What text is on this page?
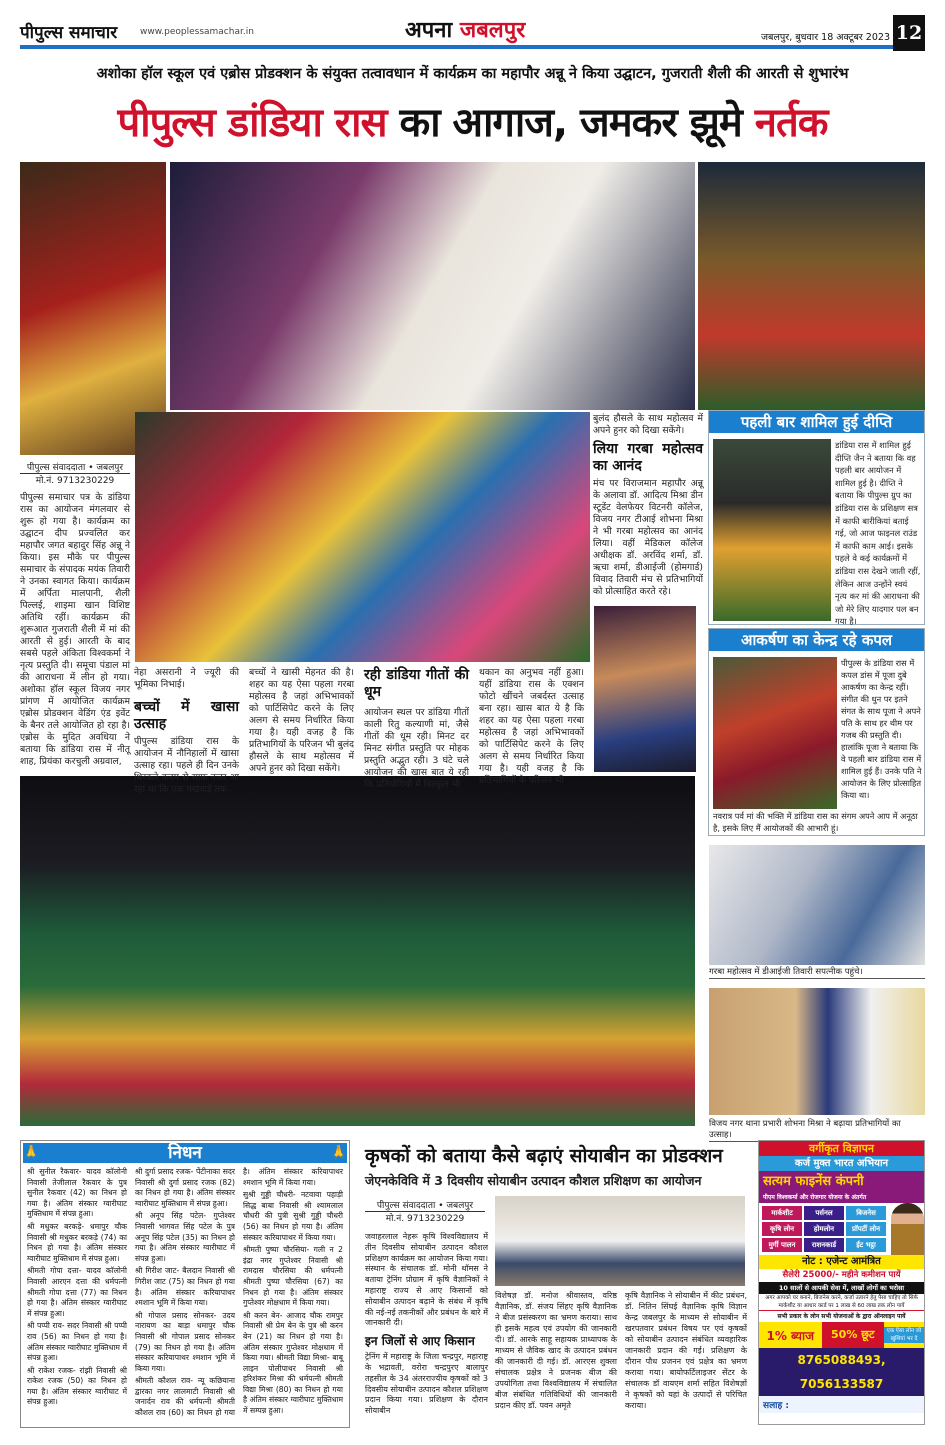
पीपुल्स समाचार	www.peoplessamachar.in	अपना जबलपुर	जबलपुर, बुधवार 18 अक्टूबर 2023 12
अशोका हॉल स्कूल एवं एब्रोस प्रोडक्शन के संयुक्त तत्वावधान में कार्यक्रम का महापौर अन्नू ने किया उद्घाटन, गुजराती शैली की आरती से शुभारंभ
पीपुल्स डांडिया रास का आगाज, जमकर झूमे नर्तक
पीपुल्स संवाददाता • जबलपुर
मो.नं. 9713230229
पीपुल्स समाचार पत्र के डांडिया रास का आयोजन मंगलवार से शुरू हो गया है। कार्यक्रम का उद्घाटन दीप प्रज्वलित कर महापौर जगत बहादुर सिंह अन्नू ने किया। इस मौके पर पीपुल्स समाचार के संपादक मयंक तिवारी ने उनका स्वागत किया। कार्यक्रम में अर्पिता मालपानी, शैली पिल्लई, शाइमा खान विशिष्ट अतिथि रहीं। कार्यक्रम की शुरूआत गुजराती शैली में मां की आरती से हुई। आरती के बाद सबसे पहले अंकिता विश्वकर्मा ने नृत्य प्रस्तुति दी। समूचा पंडाल मां की आराधना में लीन हो गया। अशोका हॉल स्कूल विजय नगर प्रांगण में आयोजित कार्यक्रम एब्रोस प्रोडक्शन वेडिंग एंड इवेंट के बैनर तले आयोजित हो रहा है। एब्रोस के मुदित अवधिया ने बताया कि डांडिया रास में नीतू शाह, प्रियंका करचुली अग्रवाल,
नेहा असरानी ने ज्यूरी की भूमिका निभाई।
बच्चों में खासा उत्साह
पीपुल्स डांडिया रास के आयोजन में नौनिहालों में खासा उत्साह रहा। पहले ही दिन उनके थिरकते कदम से साफ नजर आ रहा था कि एक पखवाड़े तक
बच्चों ने खासी मेहनत की है। शहर का यह ऐसा पहला गरबा महोत्सव है जहां अभिभावकों को पार्टिसिपेट करने के लिए अलग से समय निर्धारित किया गया है। यही वजह है कि प्रतिभागियों के परिजन भी बुलंद हौसले के साथ महोत्सव में अपने हुनर को दिखा सकेंगे।
रही डांडिया गीतों की धूम
आयोजन स्थल पर डांडिया गीतों काली रितु कल्याणी मां, जैसे गीतों की धूम रही। मिनट दर मिनट संगीत प्रस्तुति पर मोहक प्रस्तुति अद्भुत रही। 3 घंटे चले आयोजन की खास बात ये रही कि प्रतियोगियों में बिल्कुल भी
थकान का अनुभव नहीं हुआ। यहीं डांडिया रास के एक्शन फोटो खींचने जबर्दस्त उत्साह बना रहा। खास बात ये है कि शहर का यह ऐसा पहला गरबा महोत्सव है जहां अभिभावकों को पार्टिसिपेट करने के लिए अलग से समय निर्धारित किया गया है। यही वजह है कि प्रतिभागियों के परिजन भी
बुलंद हौसले के साथ महोत्सव में अपने हुनर को दिखा सकेंगे।
लिया गरबा महोत्सव का आनंद
मंच पर विराजमान महापौर अन्नू के अलावा डॉ. आदित्य मिश्रा डीन स्टूडेंट वेलफेयर विटनरी कॉलेज, विजय नगर टीआई शोभना मिश्रा ने भी गरबा महोत्सव का आनंद लिया। वहीं मेडिकल कॉलेज अधीक्षक डॉ. अरविंद शर्मा, डॉ. ऋचा शर्मा, डीआईजी (होमगार्ड) विवाद तिवारी मंच से प्रतिभागियों को प्रोत्साहित करते रहे।
पहली बार शामिल हुई दीप्ति
डांडिया रास में शामिल हुई दीप्ति जैन ने बताया कि वह पहली बार आयोजन में शामिल हुई है। दीप्ति ने बताया कि पीपुल्स ग्रुप का डांडिया रास के प्रशिक्षण सत्र में काफी बारीकियां बताई गई, जो आज फाइनल राउंड में काफी काम आई। इसके पहले वे कई कार्यक्रमों में डांडिया रास देखने जाती रहीं, लेकिन आज उन्होंने स्वयं नृत्य कर मां की आराधना की जो मेरे लिए यादगार पल बन गया है।
आकर्षण का केन्द्र रहे कपल
पीपुल्स के डांडिया रास में कपल डांस में पूजा दुबे आकर्षण का केन्द्र रहीं। संगीत की धुन पर इतने संगत के साथ पूजा ने अपने पति के साथ हर थीम पर गजब की प्रस्तुति दी। हालांकि पूजा ने बताया कि वे पहली बार डांडिया रास में शामिल हुई हैं। उनके पति ने आयोजन के लिए प्रोत्साहित किया था।
नवरात्र पर्व मां की भक्ति में डांडिया रास का संगम अपने आप में अनूठा है, इसके लिए मैं आयोजकों की आभारी हूं।
गरबा महोत्सव में डीआईजी तिवारी सपत्नीक पहुंचे।
विजय नगर थाना प्रभारी शोभना मिश्रा ने बढ़ाया प्रतिभागियों का उत्साह।
🙏	निधन	🙏

श्री सुनील रैकवार- यादव कॉलोनी निवासी तेजीलाल रैकवार के पुत्र सुनील रैकवार (42) का निधन हो गया है। अंतिम संस्कार ग्वारीघाट मुक्तिधाम में संपन्न हुआ।

श्री मधुकर बरकड़े- धमापुर चौक निवासी श्री मधुकर बरकड़े (74) का निधन हो गया है। अंतिम संस्कार ग्वारीघाट मुक्तिधाम में संपन्न हुआ।

श्रीमती गोपा दत्ता- यादव कॉलोनी निवासी आरएन दत्ता की धर्मपत्नी श्रीमती गोपा दत्ता (77) का निधन हो गया है। अंतिम संस्कार ग्वारीघाट में संपन्न हुआ।

श्री पप्पी राव- सदर निवासी श्री पप्पी राव (56) का निधन हो गया है। अंतिम संस्कार ग्वारीघाट मुक्तिधाम में संपन्न हुआ।

श्री राकेश रजक- रांझी निवासी श्री राकेश रजक (50) का निधन हो गया है। अंतिम संस्कार ग्वारीघाट में संपन्न हुआ।

श्री दुर्गा प्रसाद रजक- पेंटीनाका सदर निवासी श्री दुर्गा प्रसाद रजक (82) का निधन हो गया है। अंतिम संस्कार ग्वारीघाट मुक्तिधाम में संपन्न हुआ।

श्री अनूप सिंह पटेल- गुप्तेश्वर निवासी भागवत सिंह पटेल के पुत्र अनूप सिंह पटेल (35) का निधन हो गया है। अंतिम संस्कार ग्वारीघाट में संपन्न हुआ।

श्री गिरीश जाट- बैलदान निवासी श्री गिरीश जाट (75) का निधन हो गया है। अंतिम संस्कार करियापाथर श्मशान भूमि में किया गया।

श्री गोपाल प्रसाद सोनकर- उदय नारायण का बाड़ा धमापुर चौक निवासी श्री गोपाल प्रसाद सोनकर (79) का निधन हो गया है। अंतिम संस्कार करियापाथर श्मशान भूमि में किया गया।

श्रीमती कौशल राव- न्यू कछियाना द्वारका नगर लालमाटी निवासी श्री जनार्दन राव की धर्मपत्नी श्रीमती कौशल राव (60) का निधन हो गया है। अंतिम संस्कार करियापाथर श्मशान भूमि में किया गया।

सुश्री गुड्डी चौधरी- नटवावा पहाड़ी सिद्ध बाबा निवासी श्री श्यामलाल चौधरी की पुत्री सुश्री गुड्डी चौधरी (56) का निधन हो गया है। अंतिम संस्कार करियापाथर में किया गया।

श्रीमती पुष्पा चौरसिया- गली न 2 इंद्रा नगर गुप्तेश्वर निवासी श्री रामदास चौरसिया की धर्मपत्नी श्रीमती पुष्पा चौरसिया (67) का निधन हो गया है। अंतिम संस्कार गुप्तेश्वर मोक्षधाम में किया गया।

श्री करन बेन- आजाद चौक रामपुर निवासी श्री प्रेम बेन के पुत्र श्री करन बेन (21) का निधन हो गया है। अंतिम संस्कार गुप्तेश्वर मोक्षधाम में किया गया। श्रीमती विद्या मिश्रा- बाबू लाइन पोलीपाथर निवासी श्री हरिशंकर मिश्रा की धर्मपत्नी श्रीमती विद्या मिश्रा (80) का निधन हो गया है अंतिम संस्कार ग्वारीघाट मुक्तिधाम में सम्पन्न हुआ।

कृषकों को बताया कैसे बढ़ाएं सोयाबीन का प्रोडक्शन
जेएनकेविवि में 3 दिवसीय सोयाबीन उत्पादन कौशल प्रशिक्षण का आयोजन
पीपुल्स संवाददाता • जबलपुर
मो.नं. 9713230229
जवाहरलाल नेहरू कृषि विश्वविद्यालय में तीन दिवसीय सोयाबीन उत्पादन कौशल प्रशिक्षण कार्यक्रम का आयोजन किया गया। संस्थान के संचालक डॉ. मोनी थॉमस ने बताया ट्रेनिंग प्रोग्राम में कृषि वैज्ञानिकों ने महाराष्ट्र राज्य से आए किसानों को सोयाबीन उत्पादन बढ़ाने के संबंध में कृषि की नई-नई तकनीकों और प्रबंधन के बारे में जानकारी दी।
इन जिलों से आए किसान
ट्रेनिंग में महाराष्ट्र के जिला चन्द्रपुर, महाराष्ट्र के भद्रावती, वरोरा चन्द्रपुरए बालापुर तहसील के 34 अंतरराज्यीय कृषकों को 3 दिवसीय सोयाबीन उत्पादन कौशल प्रशिक्षण प्रदान किया गया। प्रशिक्षण के दौरान सोयाबीन
विशेषज्ञ डॉ. मनोज श्रीवास्तव, वरिष्ठ वैज्ञानिक, डॉ. संजय सिंहए कृषि वैज्ञानिक ने बीज प्रसंस्करण का भ्रमण कराया। साथ ही इसके महत्व एवं उपयोग की जानकारी दी। डॉ. आरके साहू सहायक प्राध्यापक के माध्यम से जैविक खाद के उत्पादन प्रबंधन की जानकारी दी गई। डॉ. आरएस शुक्ला संचालक प्रक्षेत्र ने प्रजनक बीज की उपयोगिता तथा विश्वविद्यालय में संचालित बीज संबंधित गतिविधियों की जानकारी प्रदान कीए डॉ. पवन अमृते
कृषि वैज्ञानिक ने सोयाबीन में कीट प्रबंधन, डॉ. नितिन सिंघई वैज्ञानिक कृषि विज्ञान केन्द्र जबलपुर के माध्यम से सोयाबीन में खरपतवार प्रबंधन विषय पर एवं कृषकों को सोयाबीन उत्पादन संबंधित व्यवहारिक जानकारी प्रदान की गई। प्रशिक्षण के दौरान पौध प्रजनन एवं प्रक्षेत्र का भ्रमण कराया गया। बायोफर्टिलाइजर सेंटर के संचालक डॉ वायएम शर्मा सहित विशेषज्ञों ने कृषकों को यहां के उत्पादों से परिचित कराया।
वर्गीकृत विज्ञापन
कर्ज मुक्त भारत अभियान
सत्यम फाइनेंस कंपनी
पीएम विश्वकर्मा और रोजगार योजना के अंतर्गत
मार्कशीट	पर्सनल	बिजनेस
कृषि लोन	होमलोन	प्रॉपर्टी लोन
मुर्गी पालन	राशनकार्ड	ईंट भट्ठा
नोट : एजेन्ट आमंत्रित
सैलेरी 25000/- महीने कमीशन पायें
10 सालों से आपकी सेवा में, लाखों लोगों का भरोसा
अगर आपको घर बनाने, बिजनेस करने, कर्जा उतारने हेतु पैसा चाहिए तो सिर्फ मार्कशीट या आधार कार्ड पर 1 लाख से 60 लाख तक लोन पायें
सभी प्रकार के लोन सभी योजनाओं के द्वारा ऑनलाइन पायें
1% ब्याज	50% छूट	एक ऐसा लोन जो खुशियां भर दे
8765088493, 7056133587
सलाह :
